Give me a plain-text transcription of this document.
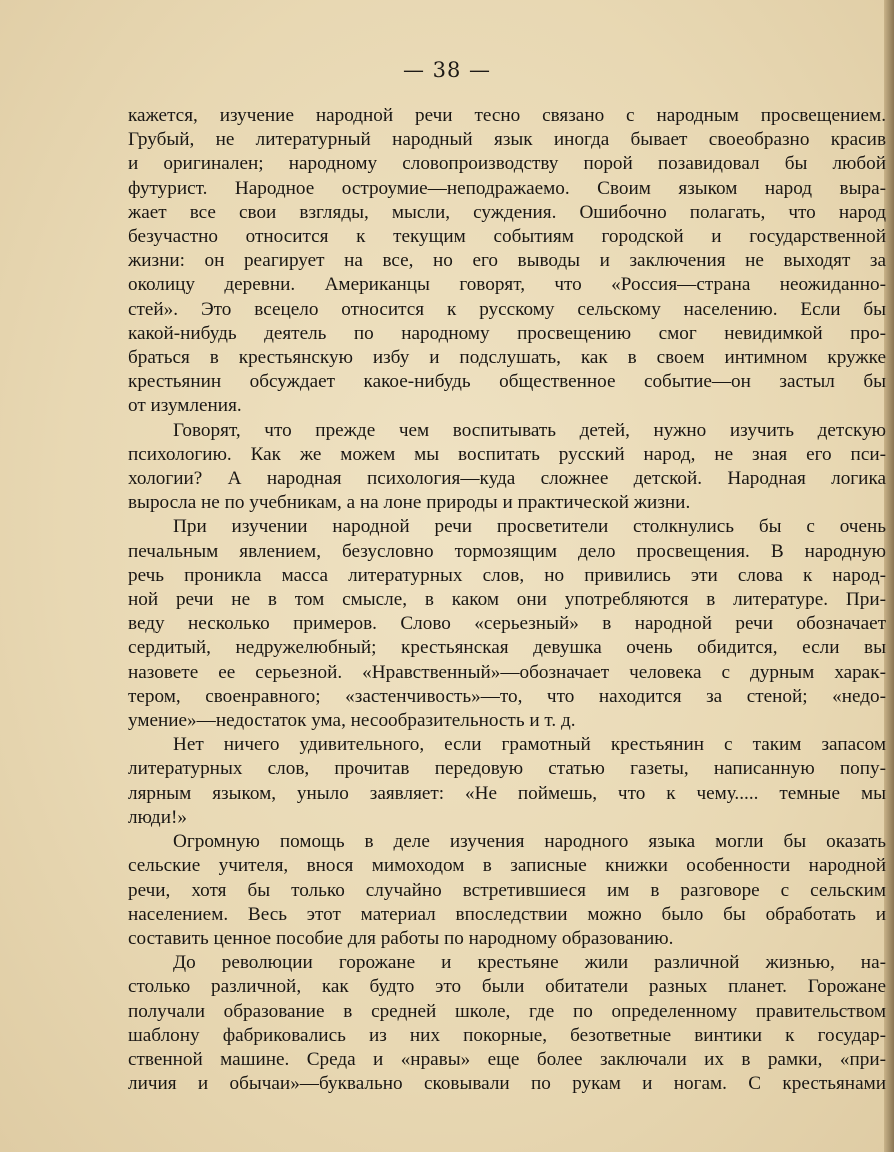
— 38 —
кажется, изучение народной речи тесно связано с народным просвещением.
Грубый, не литературный народный язык иногда бывает своеобразно красив
и оригинален; народному словопроизводству порой позавидовал бы любой
футурист. Народное остроумие—неподражаемо. Своим языком народ выра-
жает все свои взгляды, мысли, суждения. Ошибочно полагать, что народ
безучастно относится к текущим событиям городской и государственной
жизни: он реагирует на все, но его выводы и заключения не выходят за
околицу деревни. Американцы говорят, что «Россия—страна неожиданно-
стей». Это всецело относится к русскому сельскому населению. Если бы
какой-нибудь деятель по народному просвещению смог невидимкой про-
браться в крестьянскую избу и подслушать, как в своем интимном кружке
крестьянин обсуждает какое-нибудь общественное событие—он застыл бы
от изумления.
Говорят, что прежде чем воспитывать детей, нужно изучить детскую
психологию. Как же можем мы воспитать русский народ, не зная его пси-
хологии? А народная психология—куда сложнее детской. Народная логика
выросла не по учебникам, а на лоне природы и практической жизни.
При изучении народной речи просветители столкнулись бы с очень
печальным явлением, безусловно тормозящим дело просвещения. В народную
речь проникла масса литературных слов, но привились эти слова к народ-
ной речи не в том смысле, в каком они употребляются в литературе. При-
веду несколько примеров. Слово «серьезный» в народной речи обозначает
сердитый, недружелюбный; крестьянская девушка очень обидится, если вы
назовете ее серьезной. «Нравственный»—обозначает человека с дурным харак-
тером, своенравного; «застенчивость»—то, что находится за стеной; «недо-
умение»—недостаток ума, несообразительность и т. д.
Нет ничего удивительного, если грамотный крестьянин с таким запасом
литературных слов, прочитав передовую статью газеты, написанную попу-
лярным языком, уныло заявляет: «Не поймешь, что к чему..... темные мы
люди!»
Огромную помощь в деле изучения народного языка могли бы оказать
сельские учителя, внося мимоходом в записные книжки особенности народной
речи, хотя бы только случайно встретившиеся им в разговоре с сельским
населением. Весь этот материал впоследствии можно было бы обработать и
составить ценное пособие для работы по народному образованию.
До революции горожане и крестьяне жили различной жизнью, на-
столько различной, как будто это были обитатели разных планет. Горожане
получали образование в средней школе, где по определенному правительством
шаблону фабриковались из них покорные, безответные винтики к государ-
ственной машине. Среда и «нравы» еще более заключали их в рамки, «при-
личия и обычаи»—буквально сковывали по рукам и ногам. С крестьянами
